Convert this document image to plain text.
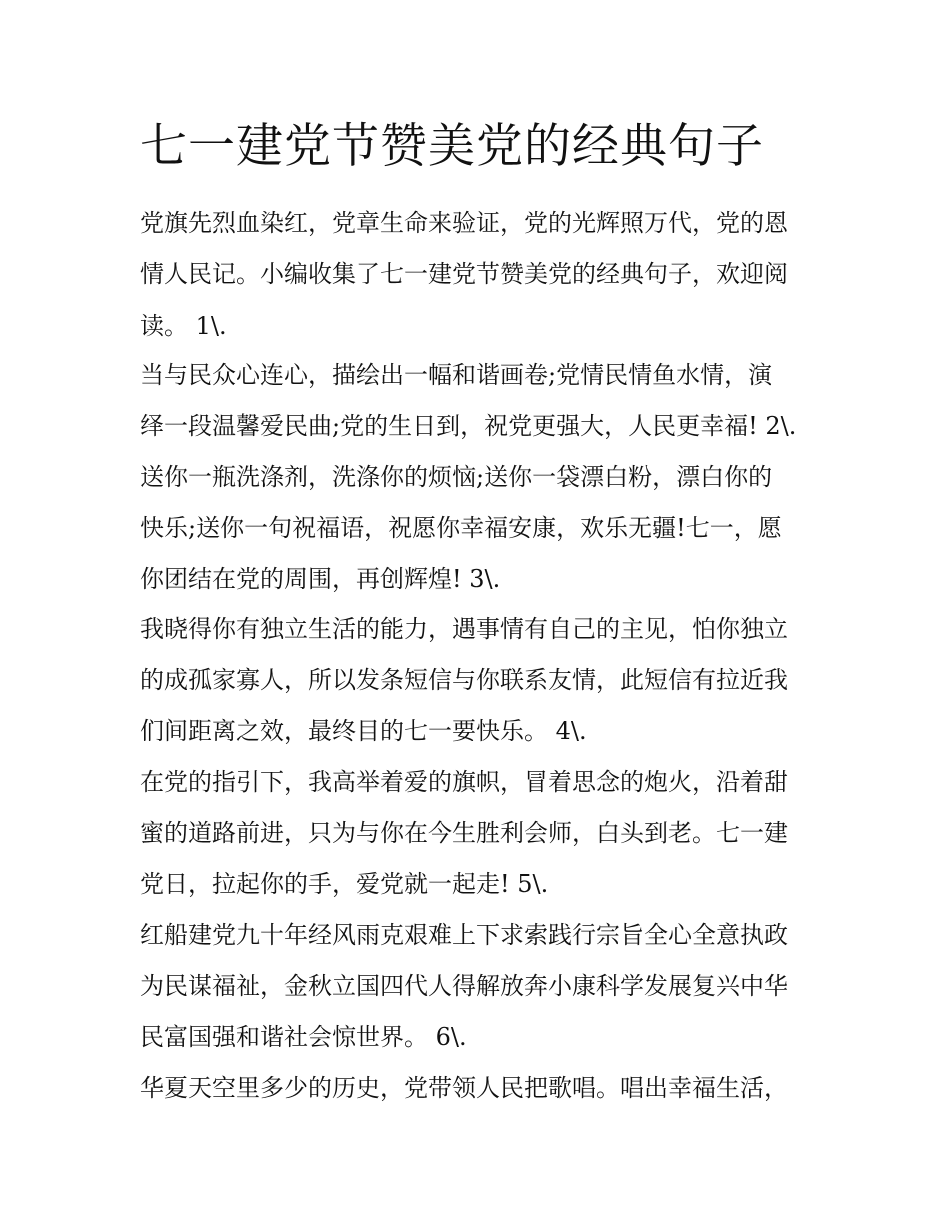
七一建党节赞美党的经典句子

党旗先烈血染红，党章生命来验证，党的光辉照万代，党的恩

情人民记。小编收集了七一建党节赞美党的经典句子，欢迎阅

读。 1\.

当与民众心连心，描绘出一幅和谐画卷;党情民情鱼水情，演

绎一段温馨爱民曲;党的生日到，祝党更强大，人民更幸福! 2\.

送你一瓶洗涤剂，洗涤你的烦恼;送你一袋漂白粉，漂白你的

快乐;送你一句祝福语，祝愿你幸福安康，欢乐无疆!七一，愿

你团结在党的周围，再创辉煌! 3\.

我晓得你有独立生活的能力，遇事情有自己的主见，怕你独立

的成孤家寡人，所以发条短信与你联系友情，此短信有拉近我

们间距离之效，最终目的七一要快乐。 4\.

在党的指引下，我高举着爱的旗帜，冒着思念的炮火，沿着甜

蜜的道路前进，只为与你在今生胜利会师，白头到老。七一建

党日，拉起你的手，爱党就一起走! 5\.

红船建党九十年经风雨克艰难上下求索践行宗旨全心全意执政

为民谋福祉，金秋立国四代人得解放奔小康科学发展复兴中华

民富国强和谐社会惊世界。 6\.

华夏天空里多少的历史，党带领人民把歌唱。唱出幸福生活，
